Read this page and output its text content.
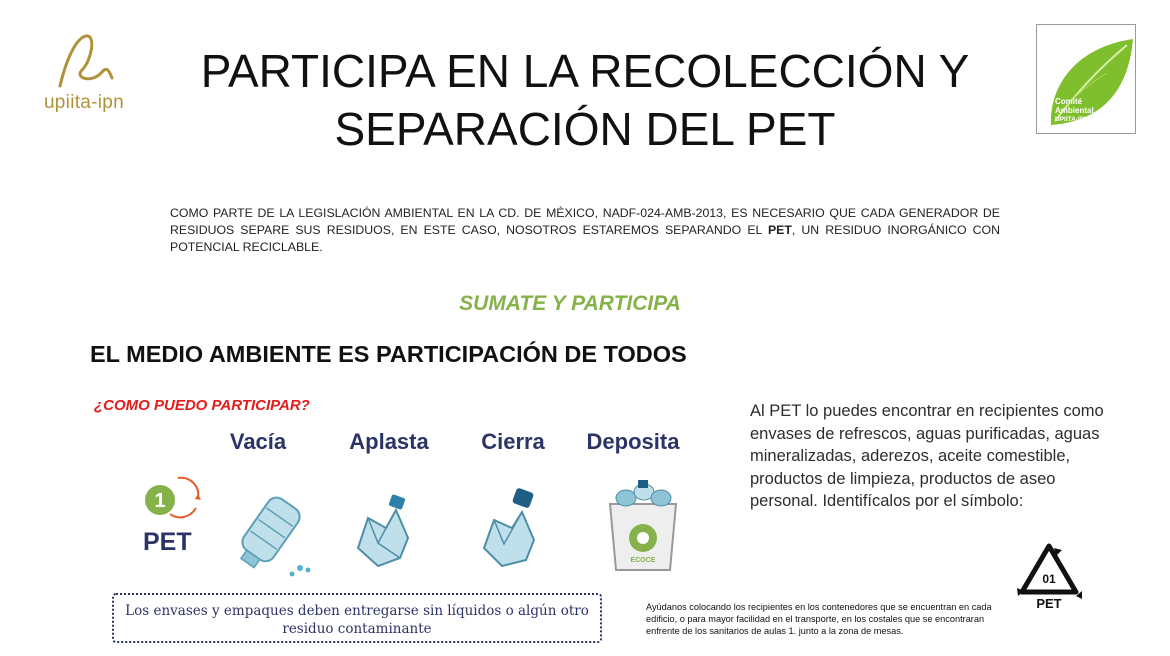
upiita-ipn	Comité
Ambiental
UPIITA-IPN
PARTICIPA EN LA RECOLECCIÓN Y
SEPARACIÓN DEL PET
COMO PARTE DE LA LEGISLACIÓN AMBIENTAL EN LA CD. DE MÉXICO, NADF-024-AMB-2013, ES NECESARIO QUE CADA GENERADOR DE RESIDUOS SEPARE SUS RESIDUOS, EN ESTE CASO, NOSOTROS ESTAREMOS SEPARANDO EL PET, UN RESIDUO INORGÁNICO CON POTENCIAL RECICLABLE.
SUMATE Y PARTICIPA
EL MEDIO AMBIENTE ES PARTICIPACIÓN DE TODOS
¿COMO PUEDO PARTICIPAR?
Vacía	Aplasta	Cierra	Deposita
1
PET
ECOCE
Al PET lo puedes encontrar en recipientes como envases de refrescos, aguas purificadas, aguas mineralizadas, aderezos, aceite comestible, productos de limpieza, productos de aseo personal. Identifícalos por el símbolo:
Los envases y empaques deben entregarse sin líquidos o algún otro residuo contaminante
Ayúdanos colocando los recipientes en los contenedores que se encuentran en cada edificio, o para mayor facilidad en el transporte, en los costales que se encontraran enfrente de los sanitarios de aulas 1. junto a la zona de mesas.
01
PET
